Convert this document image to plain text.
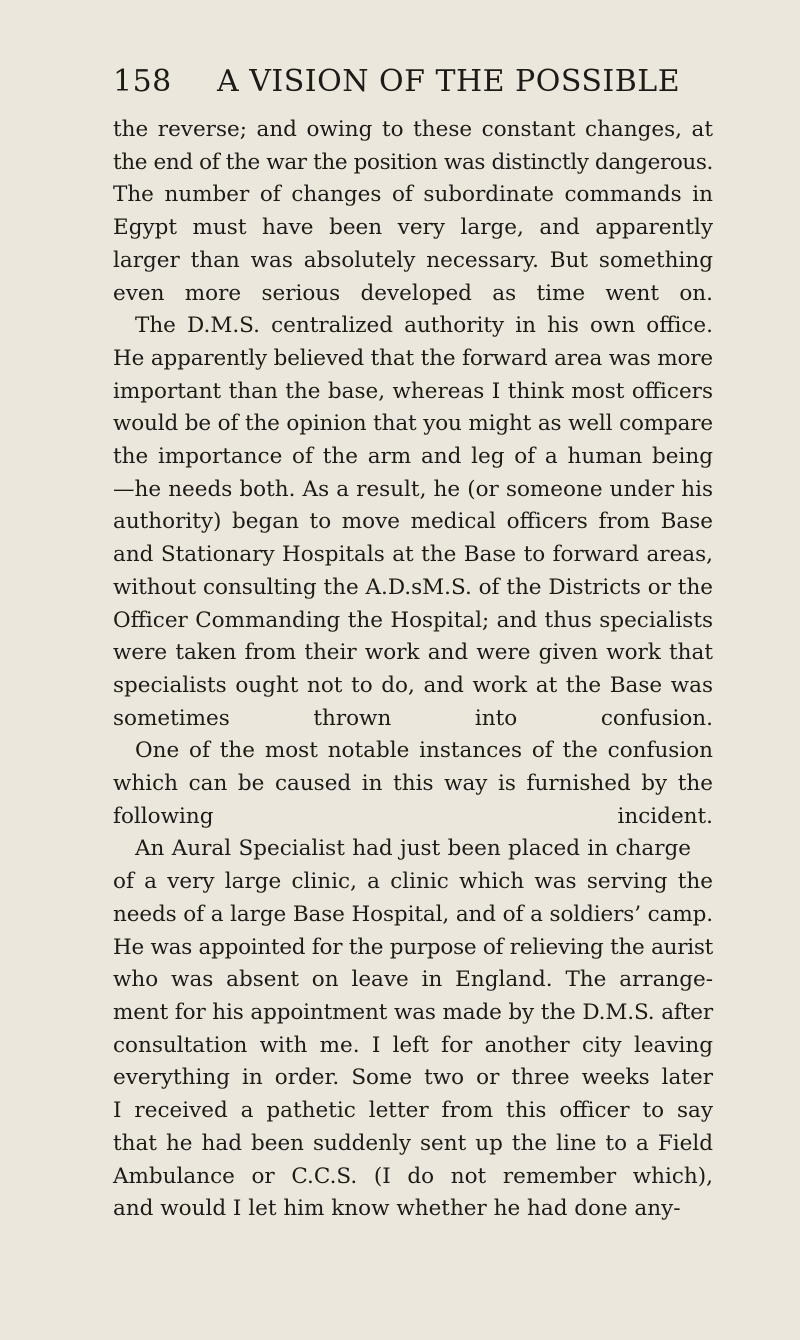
158 A VISION OF THE POSSIBLE

the reverse; and owing to these constant changes, at
the end of the war the position was distinctly dangerous.
The number of changes of subordinate commands in
Egypt must have been very large, and apparently
larger than was absolutely necessary. But something
even more serious developed as time went on.

The D.M.S. centralized authority in his own office.
He apparently believed that the forward area was more
important than the base, whereas I think most officers
would be of the opinion that you might as well compare
the importance of the arm and leg of a human being
—he needs both. As a result, he (or someone under his
authority) began to move medical officers from Base
and Stationary Hospitals at the Base to forward areas,
without consulting the A.D.sM.S. of the Districts or the
Officer Commanding the Hospital; and thus specialists
were taken from their work and were given work that
specialists ought not to do, and work at the Base was
sometimes thrown into confusion.

One of the most notable instances of the confusion
which can be caused in this way is furnished by the
following incident.

An Aural Specialist had just been placed in charge
of a very large clinic, a clinic which was serving the
needs of a large Base Hospital, and of a soldiers’ camp.
He was appointed for the purpose of relieving the aurist
who was absent on leave in England. The arrange-
ment for his appointment was made by the D.M.S. after
consultation with me. I left for another city leaving
everything in order. Some two or three weeks later
I received a pathetic letter from this officer to say
that he had been suddenly sent up the line to a Field
Ambulance or C.C.S. (I do not remember which),
and would I let him know whether he had done any-
